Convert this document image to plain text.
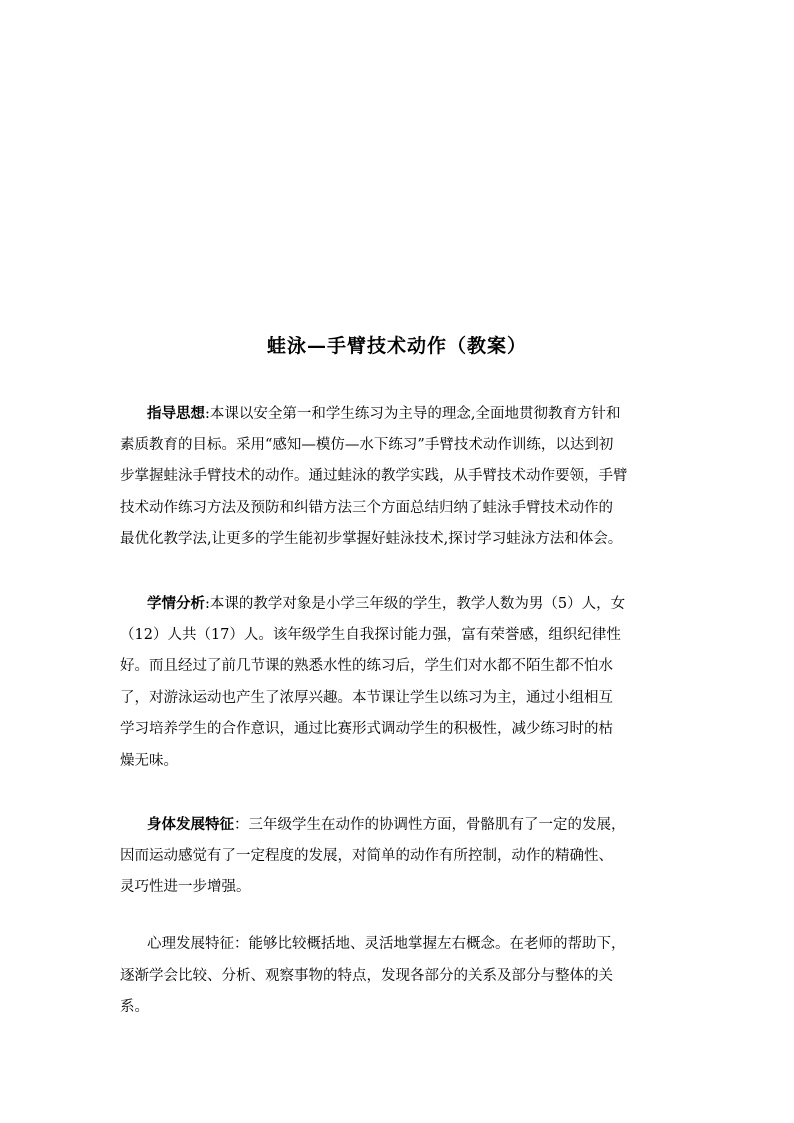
蛙泳—手臂技术动作（教案）
指导思想:本课以安全第一和学生练习为主导的理念,全面地贯彻教育方针和
素质教育的目标。采用“感知—模仿—水下练习”手臂技术动作训练，以达到初
步掌握蛙泳手臂技术的动作。通过蛙泳的教学实践，从手臂技术动作要领，手臂
技术动作练习方法及预防和纠错方法三个方面总结归纳了蛙泳手臂技术动作的
最优化教学法,让更多的学生能初步掌握好蛙泳技术,探讨学习蛙泳方法和体会。
学情分析:本课的教学对象是小学三年级的学生，教学人数为男（5）人，女
（12）人共（17）人。该年级学生自我探讨能力强，富有荣誉感，组织纪律性
好。而且经过了前几节课的熟悉水性的练习后，学生们对水都不陌生都不怕水
了，对游泳运动也产生了浓厚兴趣。本节课让学生以练习为主，通过小组相互
学习培养学生的合作意识，通过比赛形式调动学生的积极性，减少练习时的枯
燥无味。
身体发展特征：三年级学生在动作的协调性方面，骨骼肌有了一定的发展，
因而运动感觉有了一定程度的发展，对简单的动作有所控制，动作的精确性、
灵巧性进一步增强。
心理发展特征：能够比较概括地、灵活地掌握左右概念。在老师的帮助下，
逐渐学会比较、分析、观察事物的特点，发现各部分的关系及部分与整体的关
系。
